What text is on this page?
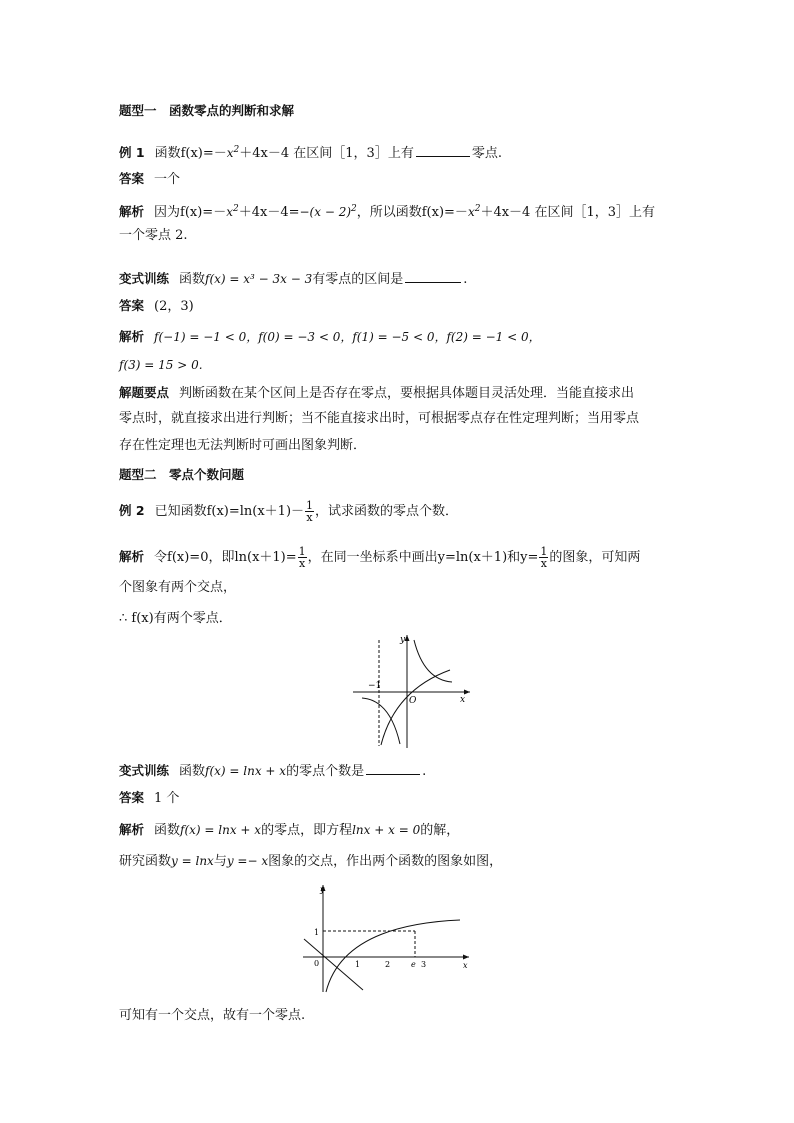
题型一　函数零点的判断和求解
例 1 函数$f(x)=-x^2+4x-4$ 在区间［1，3］上有	零点.
答案 一个
解析 因为$f(x)=-x^2+4x-4=-(x - 2)^2$，所以函数$f(x)=-x^2+4x-4$ 在区间［1，3］上有
一个零点 2.
变式训练 函数f(x) = x³ − 3x − 3有零点的区间是	.
答案 (2，3)
解析 f(−1) = −1 < 0，f(0) = −3 < 0，f(1) = −5 < 0，f(2) = −1 < 0，
f(3) = 15 > 0.
解题要点 判断函数在某个区间上是否存在零点，要根据具体题目灵活处理．当能直接求出
零点时，就直接求出进行判断；当不能直接求出时，可根据零点存在性定理判断；当用零点
存在性定理也无法判断时可画出图象判断．
题型二　零点个数问题
例 2 已知函数$f(x)=\ln(x+1)- \frac{1}{x}$ ，试求函数的零点个数．
解析 令f(x)=0，即$\ln(x+1)= \frac{1}{x}$ ，在同一坐标系中画出y=ln(x＋1)和$y= \frac{1}{x}$ 的图象，可知两
个图象有两个交点，
∴ f(x)有两个零点．
y
x
O
−1
变式训练 函数f(x) = lnx + x的零点个数是	.
答案 1 个
解析 函数f(x) = lnx + x的零点，即方程lnx + x = 0的解，
研究函数y = lnx与y =− x图象的交点，作出两个函数的图象如图，
y
x
0
1
1	2	e 3
可知有一个交点，故有一个零点.
